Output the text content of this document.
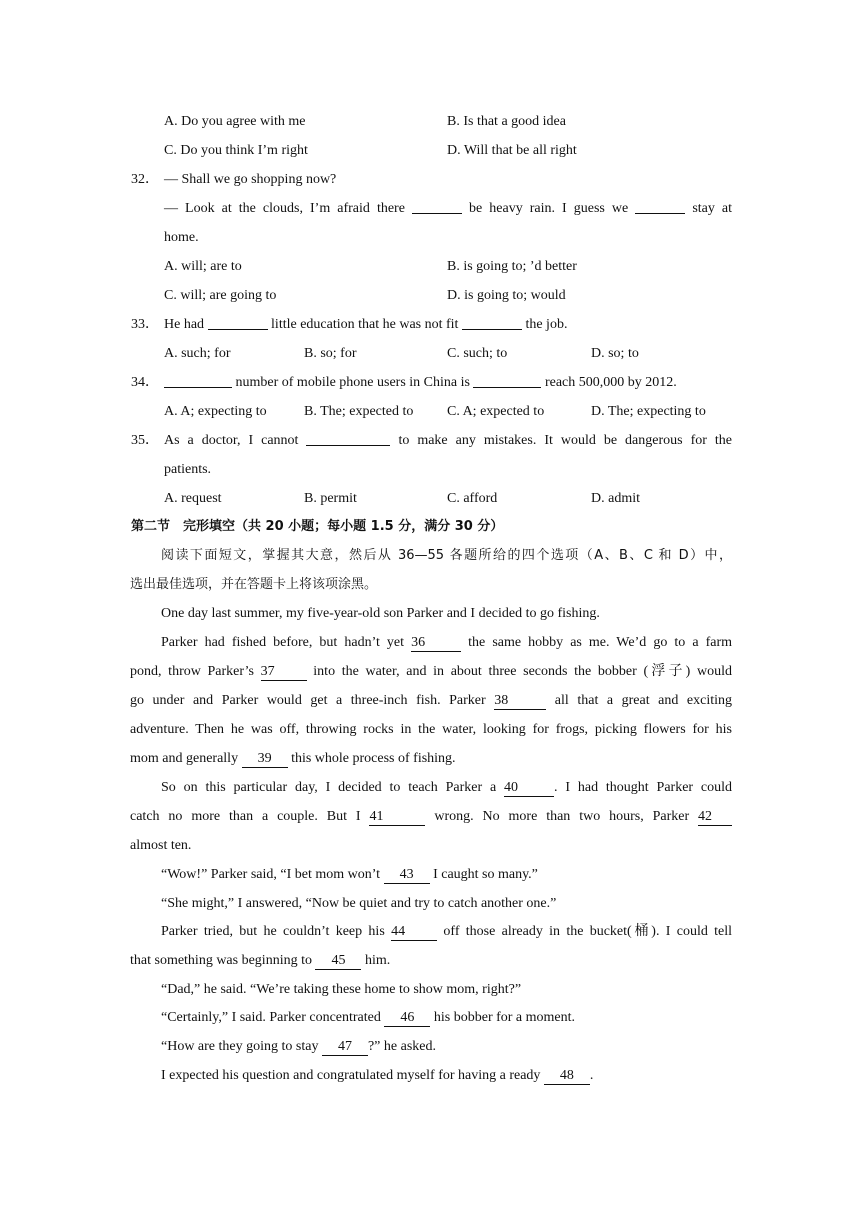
A. Do you agree with me	B. Is that a good idea
C. Do you think I’m right	D. Will that be all right
32． — Shall we go shopping now?
— Look at the clouds, I’m afraid there	be heavy rain. I guess we	stay at
home.
A. will; are to	B. is going to; ’d better
C. will; are going to	D. is going to; would
33． He had	little education that he was not fit	the job.
A. such; for	B. so; for	C. such; to	D. so; to
34．	number of mobile phone users in China is	reach 500,000 by 2012.
A. A; expecting to	B. The; expected to C. A; expected to	D. The; expecting to
35． As a doctor, I cannot	to make any mistakes. It would be dangerous for the
patients.
A. request	B. permit	C. afford	D. admit
第二节　完形填空（共 20 小题；每小题 1.5 分，满分 30 分）
阅读下面短文，掌握其大意，然后从 36—55 各题所给的四个选项（A、B、C 和 D）中，
选出最佳选项，并在答题卡上将该项涂黑。
One day last summer, my five-year-old son Parker and I decided to go fishing.
Parker had fished before, but hadn’t yet 36	the same hobby as me. We’d go to a farm
pond, throw Parker’s 37	into the water, and in about three seconds the bobber (浮子) would
go under and Parker would get a three-inch fish. Parker 38	all that a great and exciting
adventure. Then he was off, throwing rocks in the water, looking for frogs, picking flowers for his
mom and generally 39 this whole process of fishing.
So on this particular day, I decided to teach Parker a 40	. I had thought Parker could
catch no more than a couple. But I 41	wrong. No more than two hours, Parker 42
almost ten.
“Wow!” Parker said, “I bet mom won’t 43 I caught so many.”
“She might,” I answered, “Now be quiet and try to catch another one.”
Parker tried, but he couldn’t keep his 44	off those already in the bucket(桶). I could tell
that something was beginning to 45 him.
“Dad,” he said. “We’re taking these home to show mom, right?”
“Certainly,” I said. Parker concentrated 46 his bobber for a moment.
“How are they going to stay 47 ?” he asked.
I expected his question and congratulated myself for having a ready 48 .
